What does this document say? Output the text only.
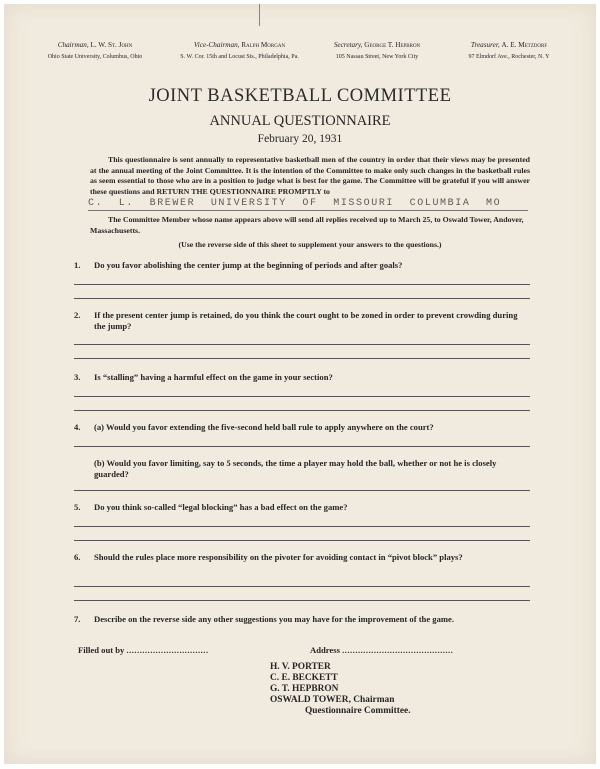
Chairman, L. W. St. John
Ohio State University, Columbus, Ohio
Vice-Chairman, Ralph Morgan
S. W. Cor. 15th and Locust Sts., Philadelphia, Pa.
Secretary, George T. Hepbron
105 Nassau Street, New York City
Treasurer, A. E. Metzdorf
97 Elmdorf Ave., Rochester, N. Y
JOINT BASKETBALL COMMITTEE
ANNUAL QUESTIONNAIRE
February 20, 1931
This questionnaire is sent annually to representative basketball men of the country in order that their views may be presented at the annual meeting of the Joint Committee. It is the intention of the Committee to make only such changes in the basketball rules as seem essential to those who are in a position to judge what is best for the game. The Committee will be grateful if you will answer these questions and RETURN THE QUESTIONNAIRE PROMPTLY to
C. L. BREWER UNIVERSITY OF MISSOURI COLUMBIA MO
The Committee Member whose name appears above will send all replies received up to March 25, to Oswald Tower, Andover, Massachusetts.
(Use the reverse side of this sheet to supplement your answers to the questions.)
1.	Do you favor abolishing the center jump at the beginning of periods and after goals?
2.	If the present center jump is retained, do you think the court ought to be zoned in order to prevent crowding during the jump?
3.	Is “stalling” having a harmful effect on the game in your section?
4.	(a) Would you favor extending the five-second held ball rule to apply anywhere on the court?
(b) Would you favor limiting, say to 5 seconds, the time a player may hold the ball, whether or not he is closely guarded?
5.	Do you think so-called “legal blocking” has a bad effect on the game?
6.	Should the rules place more responsibility on the pivoter for avoiding contact in “pivot block” plays?
7.	Describe on the reverse side any other suggestions you may have for the improvement of the game.
Filled out by ...............................	Address ..........................................
H. V. PORTER
C. E. BECKETT
G. T. HEPBRON
OSWALD TOWER, Chairman
Questionnaire Committee.
